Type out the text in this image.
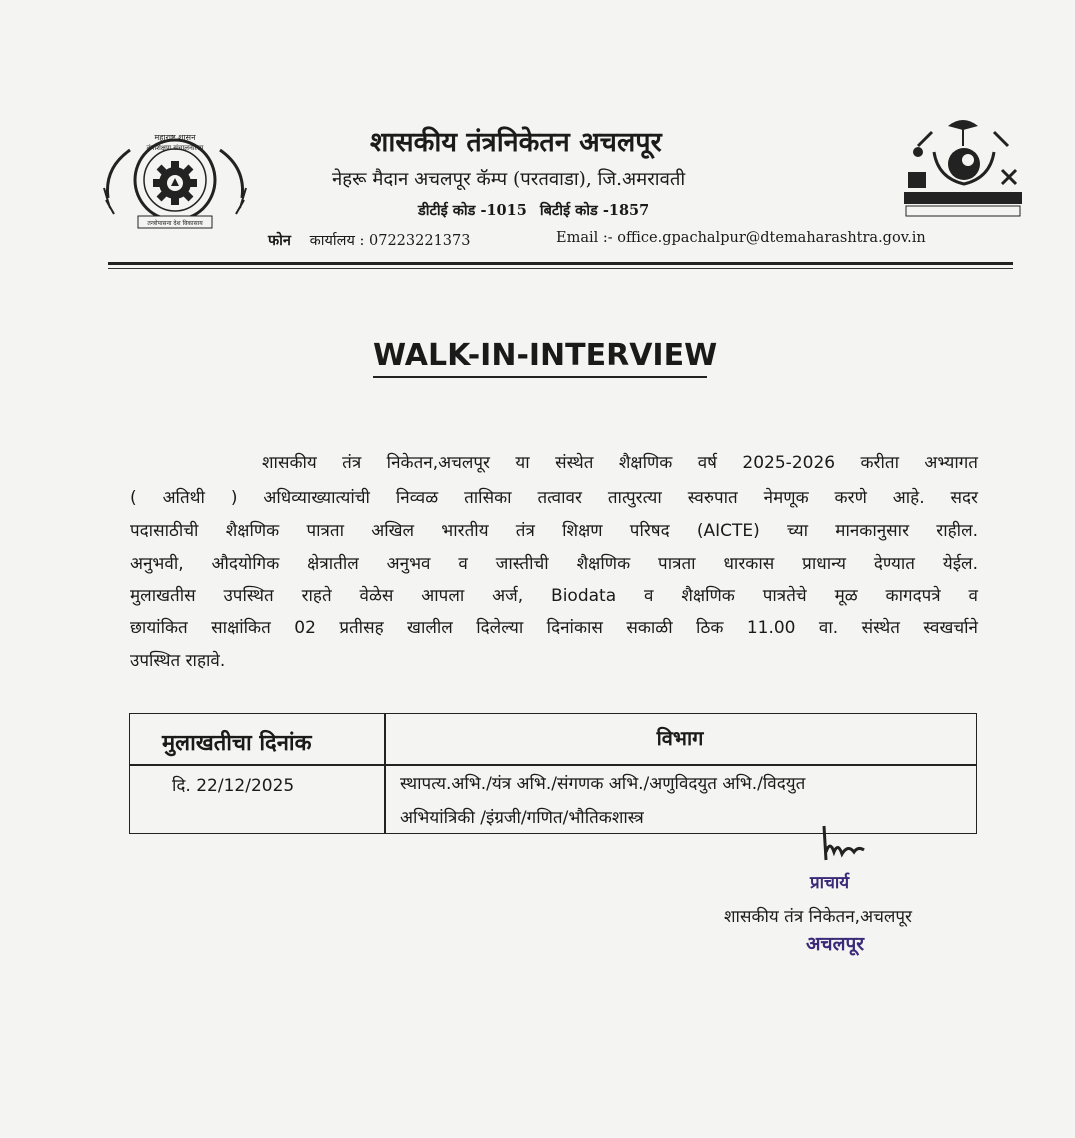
महाराष्ट्र शासन
तंत्रशिक्षण संचालनालय
तन्त्रोपासना देश विकासाय
शासकीय तंत्रनिकेतन अचलपूर
नेहरू मैदान अचलपूर कॅम्प (परतवाडा), जि.अमरावती
डीटीई कोड -1015 बिटीई कोड -1857
फोन कार्यालय : 07223221373	Email :- office.gpachalpur@dtemaharashtra.gov.in
WALK-IN-INTERVIEW
शासकीय तंत्र निकेतन,अचलपूर या संस्थेत शैक्षणिक वर्ष 2025-2026 करीता अभ्यागत
( अतिथी ) अधिव्याख्यात्यांची निव्वळ तासिका तत्वावर तात्पुरत्या स्वरुपात नेमणूक करणे आहे. सदर
पदासाठीची शैक्षणिक पात्रता अखिल भारतीय तंत्र शिक्षण परिषद (AICTE) च्या मानकानुसार राहील.
अनुभवी, औदयोगिक क्षेत्रातील अनुभव व जास्तीची शैक्षणिक पात्रता धारकास प्राधान्य देण्यात येईल.
मुलाखतीस उपस्थित राहते वेळेस आपला अर्ज, Biodata व शैक्षणिक पात्रतेचे मूळ कागदपत्रे व
छायांकित साक्षांकित 02 प्रतीसह खालील दिलेल्या दिनांकास सकाळी ठिक 11.00 वा. संस्थेत स्वखर्चाने
उपस्थित राहावे.
मुलाखतीचा दिनांक	विभाग
दि. 22/12/2025	स्थापत्य.अभि./यंत्र अभि./संगणक अभि./अणुविदयुत अभि./विदयुत
अभियांत्रिकी /इंग्रजी/गणित/भौतिकशास्त्र
प्राचार्य
शासकीय तंत्र निकेतन,अचलपूर
अचलपूर
